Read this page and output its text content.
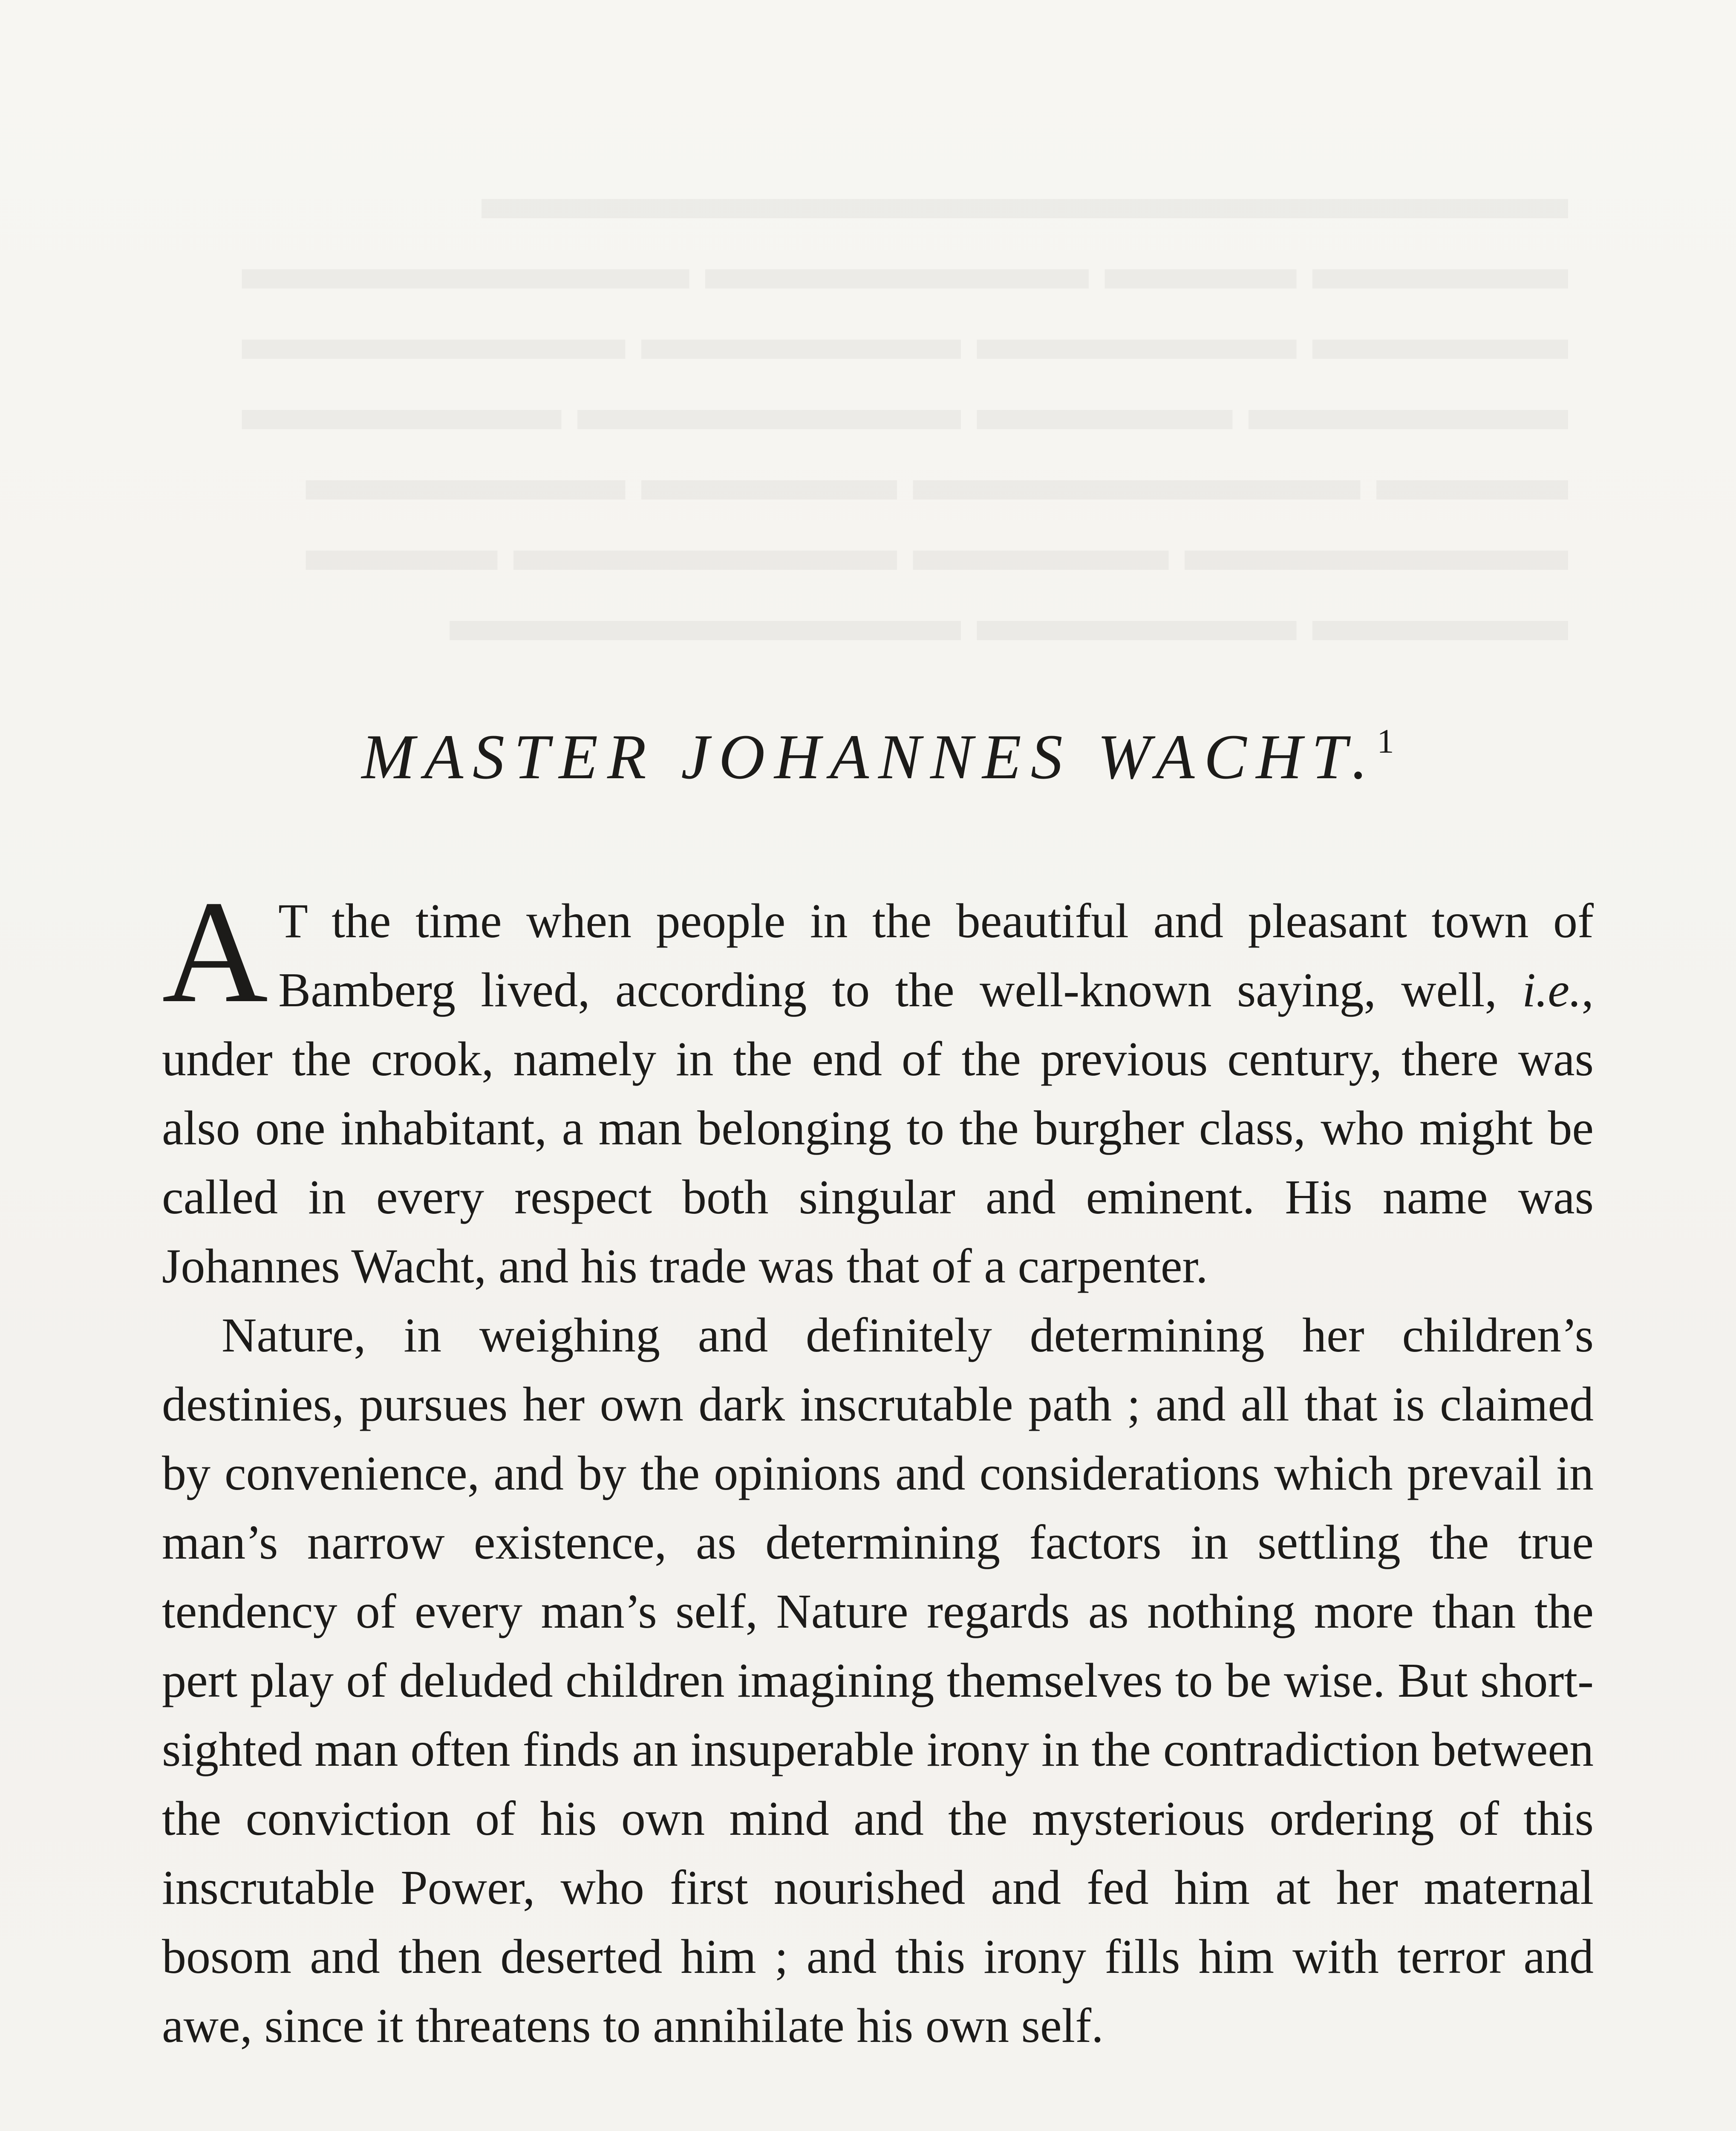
MASTER JOHANNES WACHT.$^1$

AT the time when people in the beautiful and pleasant town of Bamberg lived, according to the well-known saying, well, i.e., under the crook, namely in the end of the previous century, there was also one inhabitant, a man belonging to the burgher class, who might be called in every respect both singular and eminent. His name was Johannes Wacht, and his trade was that of a carpenter.

Nature, in weighing and definitely determining her children’s destinies, pursues her own dark inscrutable path ; and all that is claimed by convenience, and by the opinions and considerations which prevail in man’s narrow existence, as determining factors in settling the true tendency of every man’s self, Nature regards as nothing more than the pert play of deluded children imagining themselves to be wise. But short-sighted man often finds an insuperable irony in the contradiction between the conviction of his own mind and the mysterious ordering of this inscrutable Power, who first nourished and fed him at her maternal bosom and then deserted him ; and this irony fills him with terror and awe, since it threatens to annihilate his own self.
